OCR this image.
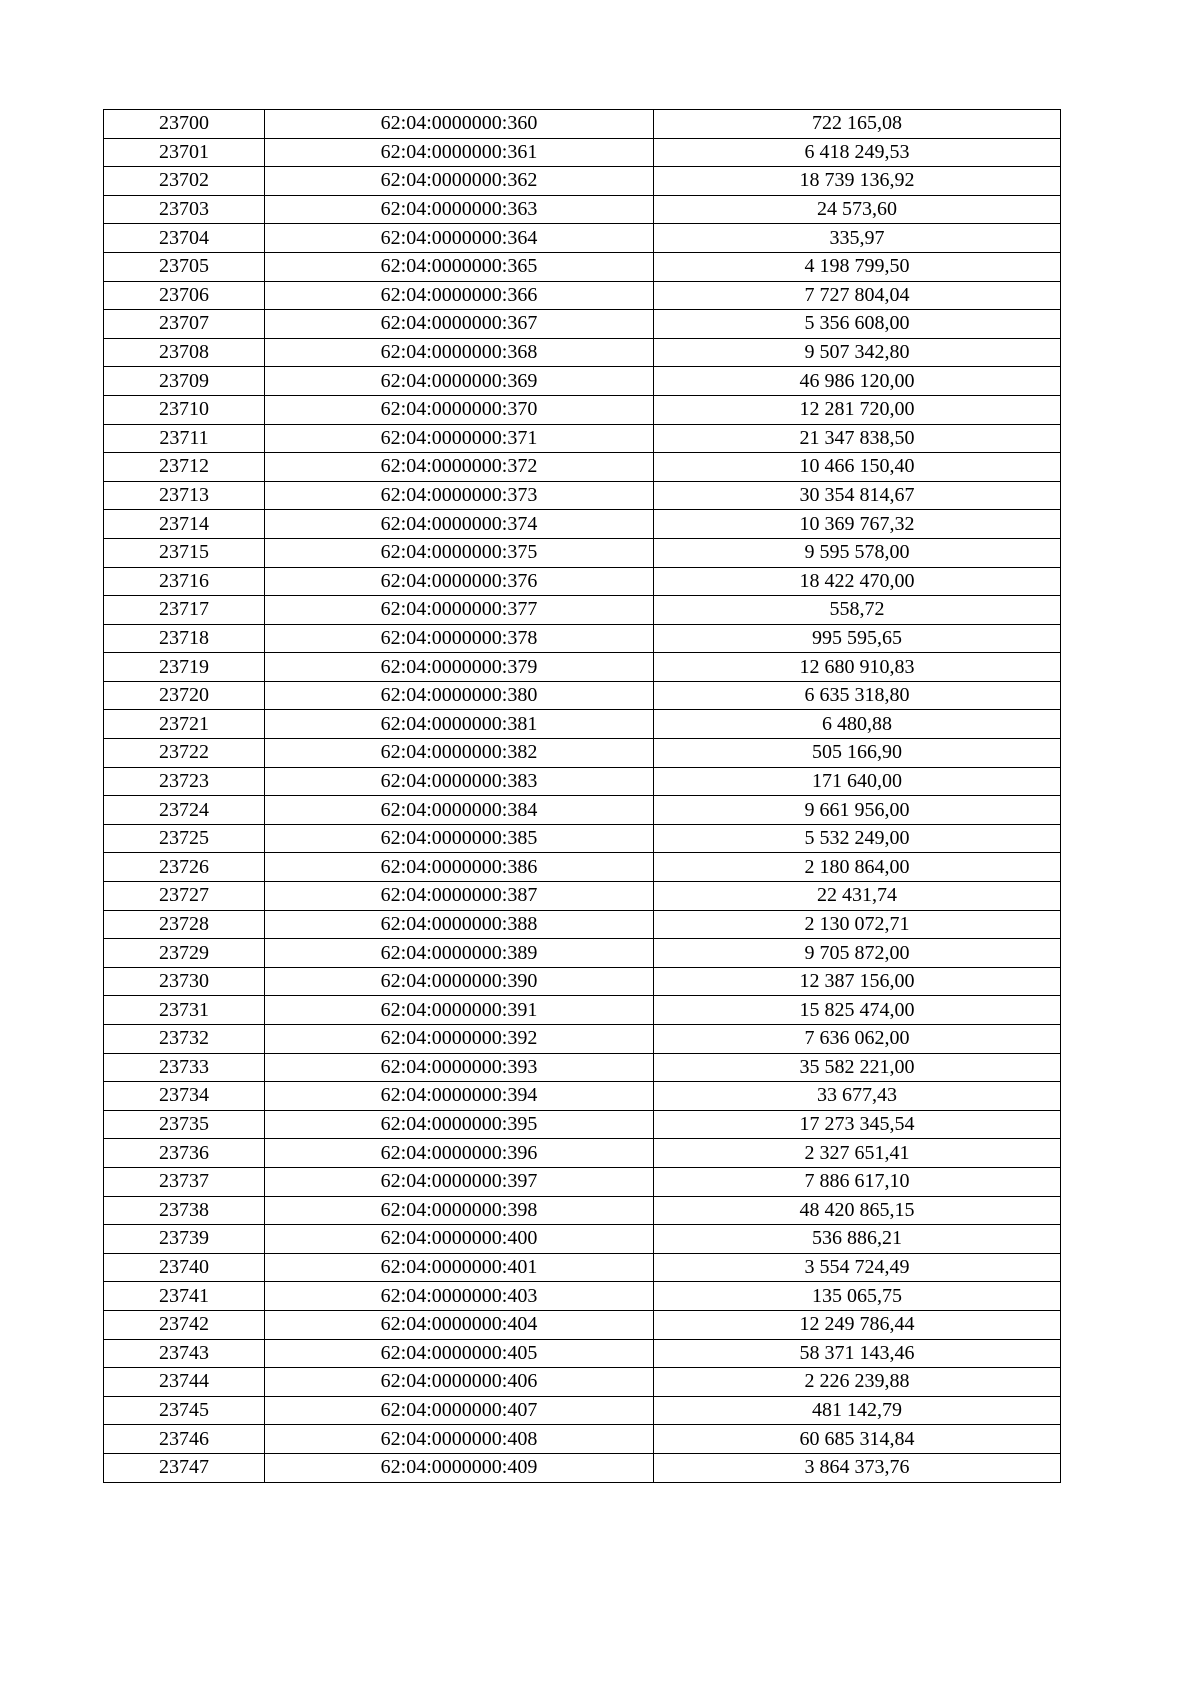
23700	62:04:0000000:360	722 165,08
23701	62:04:0000000:361	6 418 249,53
23702	62:04:0000000:362	18 739 136,92
23703	62:04:0000000:363	24 573,60
23704	62:04:0000000:364	335,97
23705	62:04:0000000:365	4 198 799,50
23706	62:04:0000000:366	7 727 804,04
23707	62:04:0000000:367	5 356 608,00
23708	62:04:0000000:368	9 507 342,80
23709	62:04:0000000:369	46 986 120,00
23710	62:04:0000000:370	12 281 720,00
23711	62:04:0000000:371	21 347 838,50
23712	62:04:0000000:372	10 466 150,40
23713	62:04:0000000:373	30 354 814,67
23714	62:04:0000000:374	10 369 767,32
23715	62:04:0000000:375	9 595 578,00
23716	62:04:0000000:376	18 422 470,00
23717	62:04:0000000:377	558,72
23718	62:04:0000000:378	995 595,65
23719	62:04:0000000:379	12 680 910,83
23720	62:04:0000000:380	6 635 318,80
23721	62:04:0000000:381	6 480,88
23722	62:04:0000000:382	505 166,90
23723	62:04:0000000:383	171 640,00
23724	62:04:0000000:384	9 661 956,00
23725	62:04:0000000:385	5 532 249,00
23726	62:04:0000000:386	2 180 864,00
23727	62:04:0000000:387	22 431,74
23728	62:04:0000000:388	2 130 072,71
23729	62:04:0000000:389	9 705 872,00
23730	62:04:0000000:390	12 387 156,00
23731	62:04:0000000:391	15 825 474,00
23732	62:04:0000000:392	7 636 062,00
23733	62:04:0000000:393	35 582 221,00
23734	62:04:0000000:394	33 677,43
23735	62:04:0000000:395	17 273 345,54
23736	62:04:0000000:396	2 327 651,41
23737	62:04:0000000:397	7 886 617,10
23738	62:04:0000000:398	48 420 865,15
23739	62:04:0000000:400	536 886,21
23740	62:04:0000000:401	3 554 724,49
23741	62:04:0000000:403	135 065,75
23742	62:04:0000000:404	12 249 786,44
23743	62:04:0000000:405	58 371 143,46
23744	62:04:0000000:406	2 226 239,88
23745	62:04:0000000:407	481 142,79
23746	62:04:0000000:408	60 685 314,84
23747	62:04:0000000:409	3 864 373,76
